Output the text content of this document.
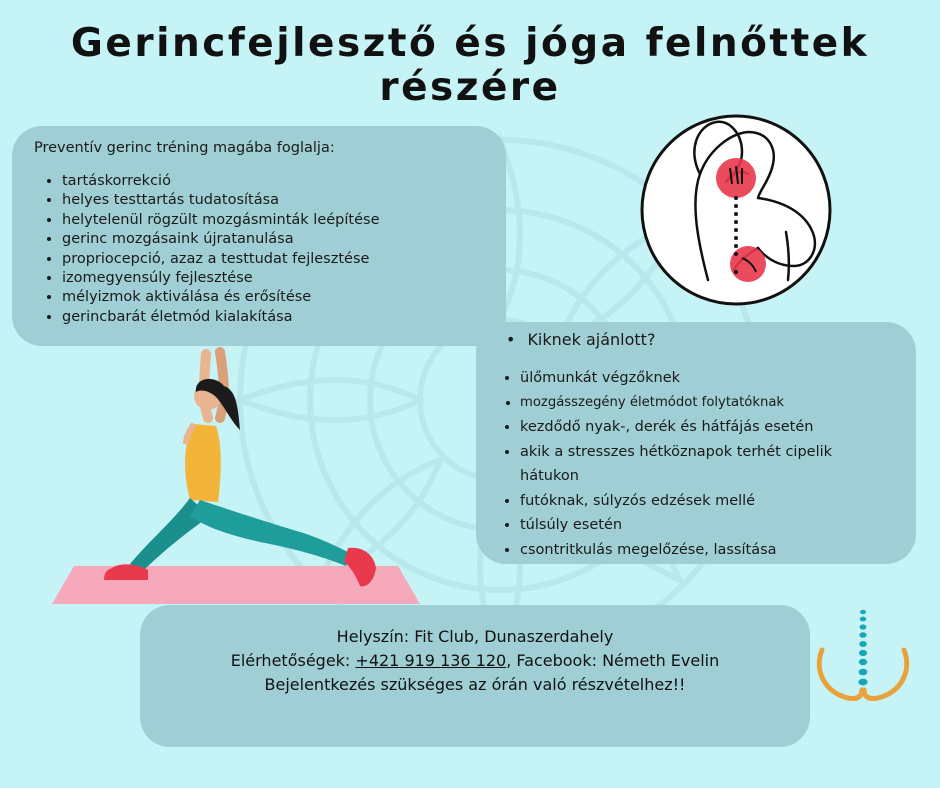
Gerincfejlesztő és jóga felnőttek
részére
Preventív gerinc tréning magába foglalja:
• tartáskorrekció
• helyes testtartás tudatosítása
• helytelenül rögzült mozgásminták leépítése
• gerinc mozgásaink újratanulása
• propriocepció, azaz a testtudat fejlesztése
• izomegyensúly fejlesztése
• mélyizmok aktiválása és erősítése
• gerincbarát életmód kialakítása
• Kiknek ajánlott?
• ülőmunkát végzőknek
• mozgásszegény életmódot folytatóknak
• kezdődő nyak-, derék és hátfájás esetén
• akik a stresszes hétköznapok terhét cipelik hátukon
• futóknak, súlyzós edzések mellé
• túlsúly esetén
• csontritkulás megelőzése, lassítása
Helyszín: Fit Club, Dunaszerdahely
Elérhetőségek: +421 919 136 120, Facebook: Németh Evelin
Bejelentkezés szükséges az órán való részvételhez!!
